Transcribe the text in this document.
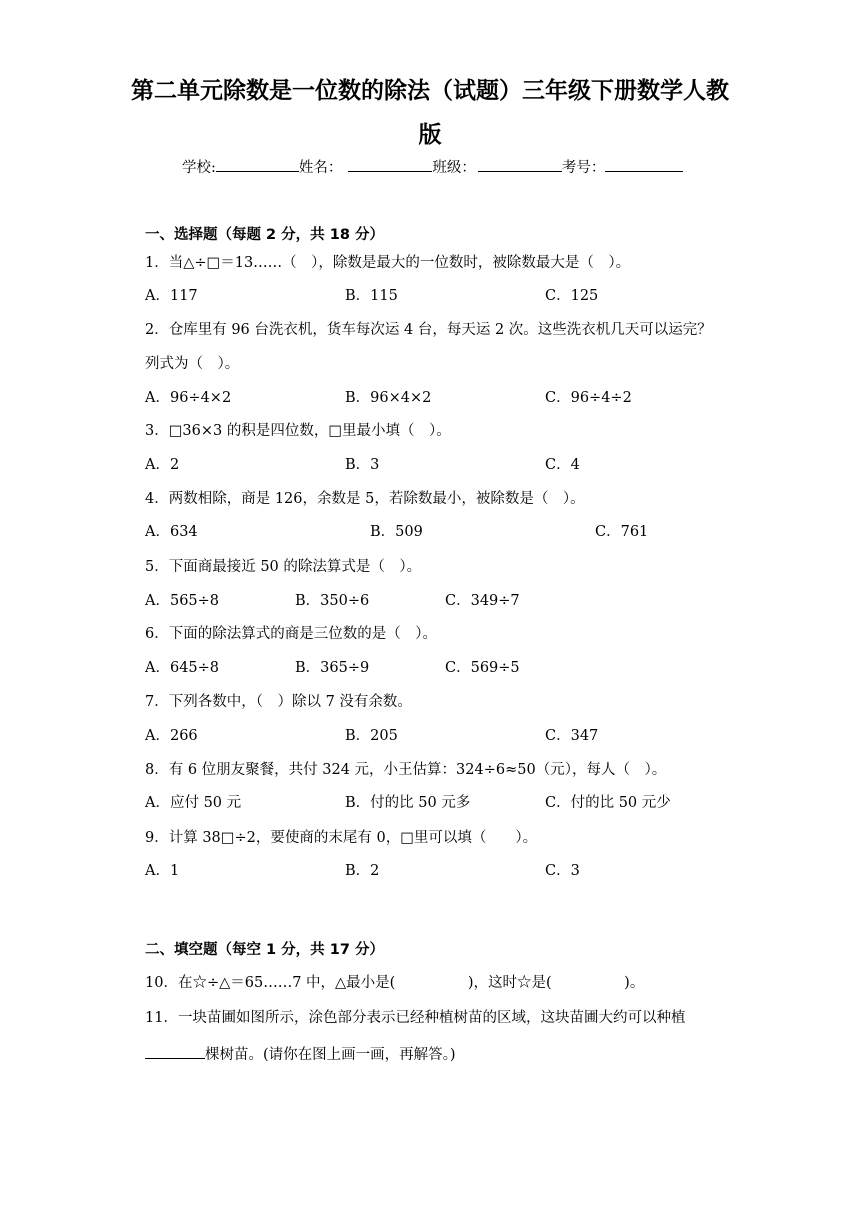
第二单元除数是一位数的除法（试题）三年级下册数学人教
版
学校:	姓名：	班级：	考号：
一、选择题（每题 2 分，共 18 分）
1．当△÷□＝13……（　），除数是最大的一位数时，被除数最大是（　）。
A．117	B．115	C．125
2．仓库里有 96 台洗衣机，货车每次运 4 台，每天运 2 次。这些洗衣机几天可以运完？
列式为（　）。
A．96÷4×2	B．96×4×2	C．96÷4÷2
3．□36×3 的积是四位数，□里最小填（　）。
A．2	B．3	C．4
4．两数相除，商是 126，余数是 5，若除数最小，被除数是（　）。
A．634	B．509	C．761
5．下面商最接近 50 的除法算式是（　）。
A．565÷8	B．350÷6	C．349÷7
6．下面的除法算式的商是三位数的是（　）。
A．645÷8	B．365÷9	C．569÷5
7．下列各数中，（　）除以 7 没有余数。
A．266	B．205	C．347
8．有 6 位朋友聚餐，共付 324 元，小王估算：324÷6≈50（元），每人（　）。
A．应付 50 元	B．付的比 50 元多	C．付的比 50 元少
9．计算 38□÷2，要使商的末尾有 0，□里可以填（　　）。
A．1	B．2	C．3
二、填空题（每空 1 分，共 17 分）
10．在☆÷△＝65……7 中，△最小是(　　　　　)，这时☆是(　　　　　)。
11．一块苗圃如图所示，涂色部分表示已经种植树苗的区域，这块苗圃大约可以种植
棵树苗。(请你在图上画一画，再解答。)
